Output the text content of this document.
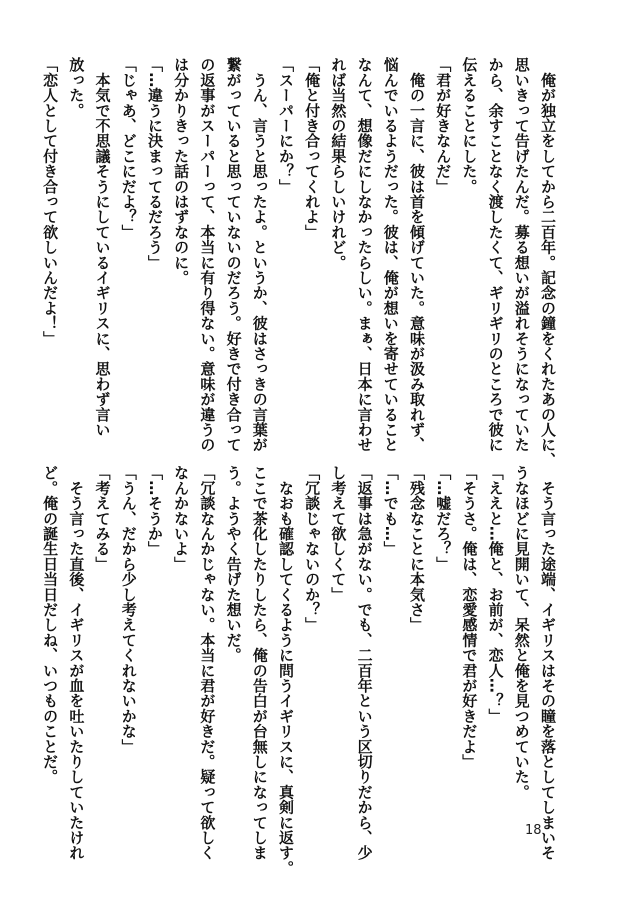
　俺が独立をしてから二百年。記念の鐘をくれたあの人に、
思いきって告げたんだ。募る想いが溢れそうになっていた
から、余すことなく渡したくて、ギリギリのところで彼に
伝えることにした。
「君が好きなんだ」
　俺の一言に、彼は首を傾げていた。意味が汲み取れず、
悩んでいるようだった。彼は、俺が想いを寄せていること
なんて、想像だにしなかったらしい。まぁ、日本に言わせ
れば当然の結果らしいけれど。
「俺と付き合ってくれよ」
「スーパーにか？」
　うん、言うと思ったよ。というか、彼はさっきの言葉が
繋がっていると思っていないのだろう。好きで付き合って
の返事がスーパーって、本当に有り得ない。意味が違うの
は分かりきった話のはずなのに。
「…違うに決まってるだろう」
「じゃあ、どこにだよ？」
　本気で不思議そうにしているイギリスに、思わず言い
放った。
「恋人として付き合って欲しいんだよ！」
　そう言った途端、イギリスはその瞳を落としてしまいそ
うなほどに見開いて、呆然と俺を見つめていた。
「ええと…俺と、お前が、恋人…？」
「そうさ。俺は、恋愛感情で君が好きだよ」
「…嘘だろ？」
「残念なことに本気さ」
「…でも…」
「返事は急がない。でも、二百年という区切りだから、少
し考えて欲しくて」
「冗談じゃないのか？」
　なおも確認してくるように問うイギリスに、真剣に返す。
ここで茶化したりしたら、俺の告白が台無しになってしま
う。ようやく告げた想いだ。
「冗談なんかじゃない。本当に君が好きだ。疑って欲しく
なんかないよ」
「…そうか」
「うん、だから少し考えてくれないかな」
「考えてみる」
　そう言った直後、イギリスが血を吐いたりしていたけれ
ど。俺の誕生日当日だしね、いつものことだ。
18
